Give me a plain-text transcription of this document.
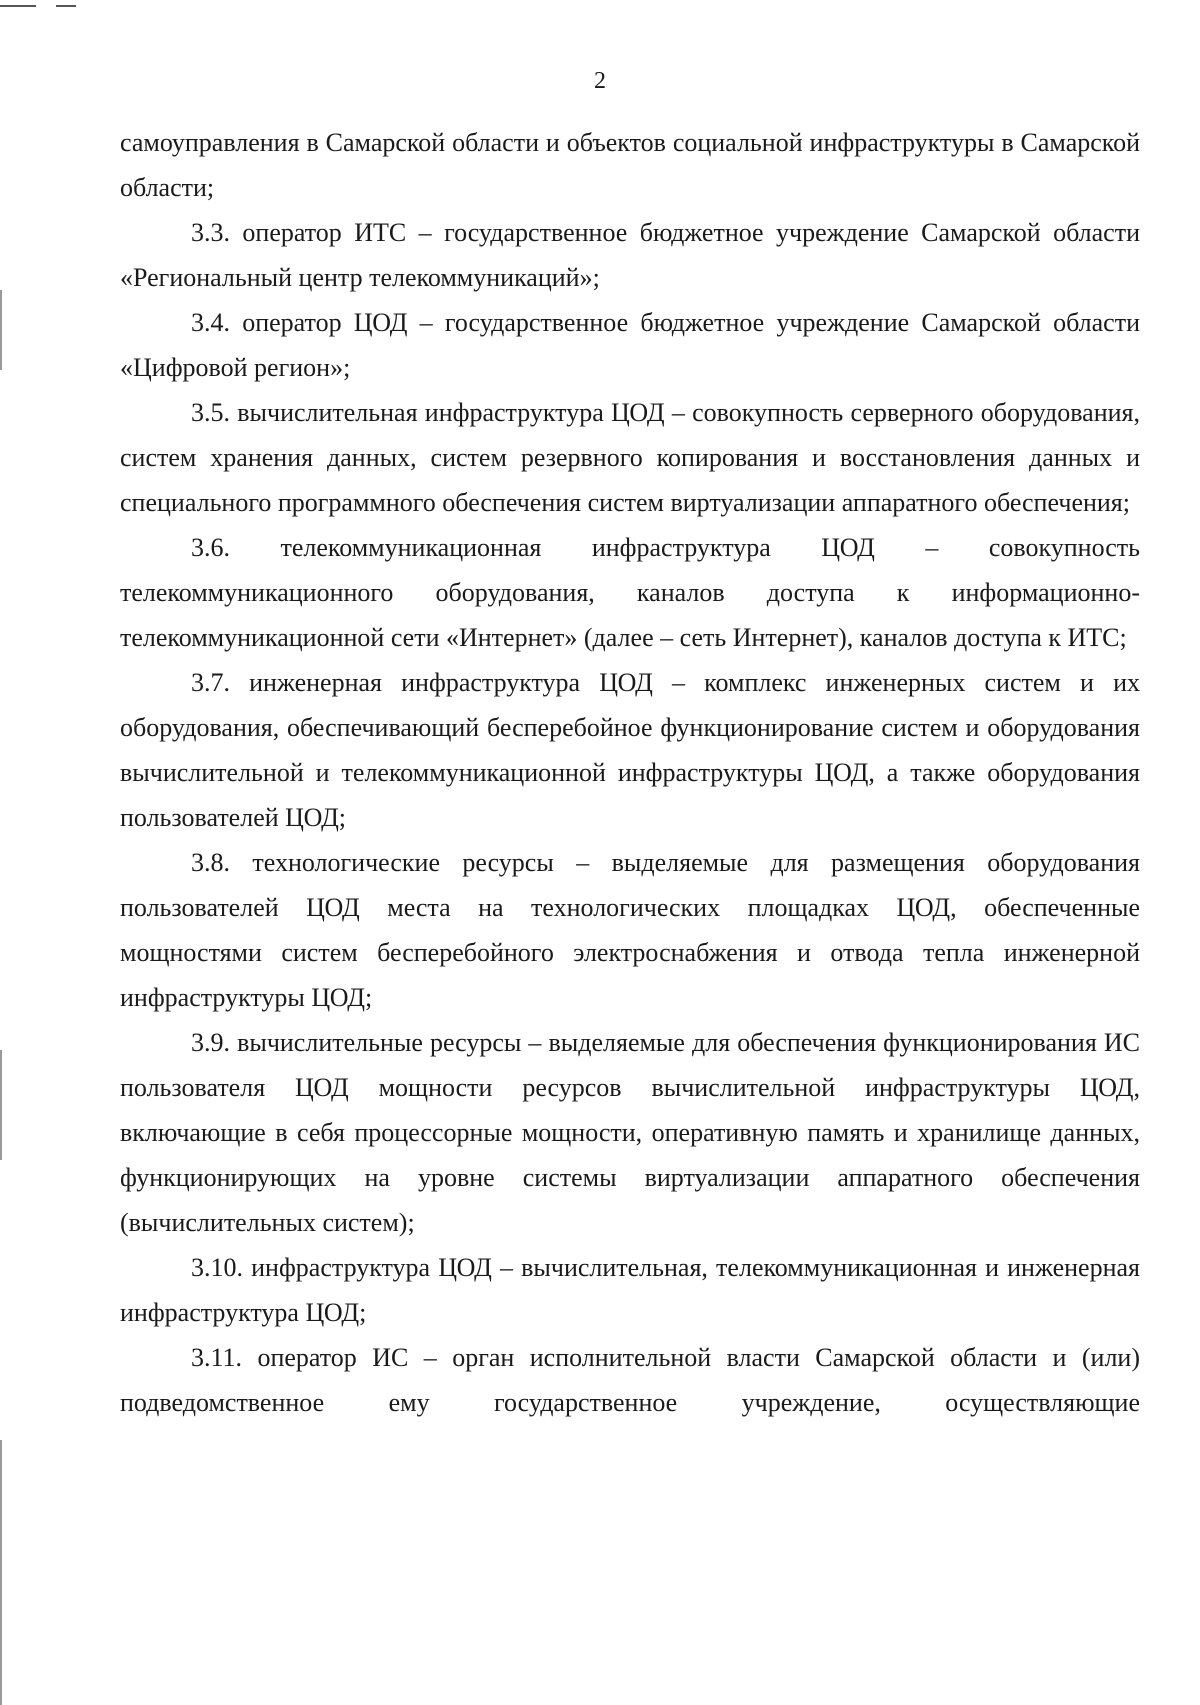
2

самоуправления в Самарской области и объектов социальной инфраструктуры в Самарской области;

3.3. оператор ИТС – государственное бюджетное учреждение Самарской области «Региональный центр телекоммуникаций»;

3.4. оператор ЦОД – государственное бюджетное учреждение Самарской области «Цифровой регион»;

3.5. вычислительная инфраструктура ЦОД – совокупность серверного оборудования, систем хранения данных, систем резервного копирования и восстановления данных и специального программного обеспечения систем виртуализации аппаратного обеспечения;

3.6. телекоммуникационная инфраструктура ЦОД – совокупность телекоммуникационного оборудования, каналов доступа к информационно-телекоммуникационной сети «Интернет» (далее – сеть Интернет), каналов доступа к ИТС;

3.7. инженерная инфраструктура ЦОД – комплекс инженерных систем и их оборудования, обеспечивающий бесперебойное функционирование систем и оборудования вычислительной и телекоммуникационной инфраструктуры ЦОД, а также оборудования пользователей ЦОД;

3.8. технологические ресурсы – выделяемые для размещения оборудования пользователей ЦОД места на технологических площадках ЦОД, обеспеченные мощностями систем бесперебойного электроснабжения и отвода тепла инженерной инфраструктуры ЦОД;

3.9. вычислительные ресурсы – выделяемые для обеспечения функционирования ИС пользователя ЦОД мощности ресурсов вычислительной инфраструктуры ЦОД, включающие в себя процессорные мощности, оперативную память и хранилище данных, функционирующих на уровне системы виртуализации аппаратного обеспечения (вычислительных систем);

3.10. инфраструктура ЦОД – вычислительная, телекоммуникационная и инженерная инфраструктура ЦОД;

3.11. оператор ИС – орган исполнительной власти Самарской области и (или) подведомственное ему государственное учреждение, осуществляющие
